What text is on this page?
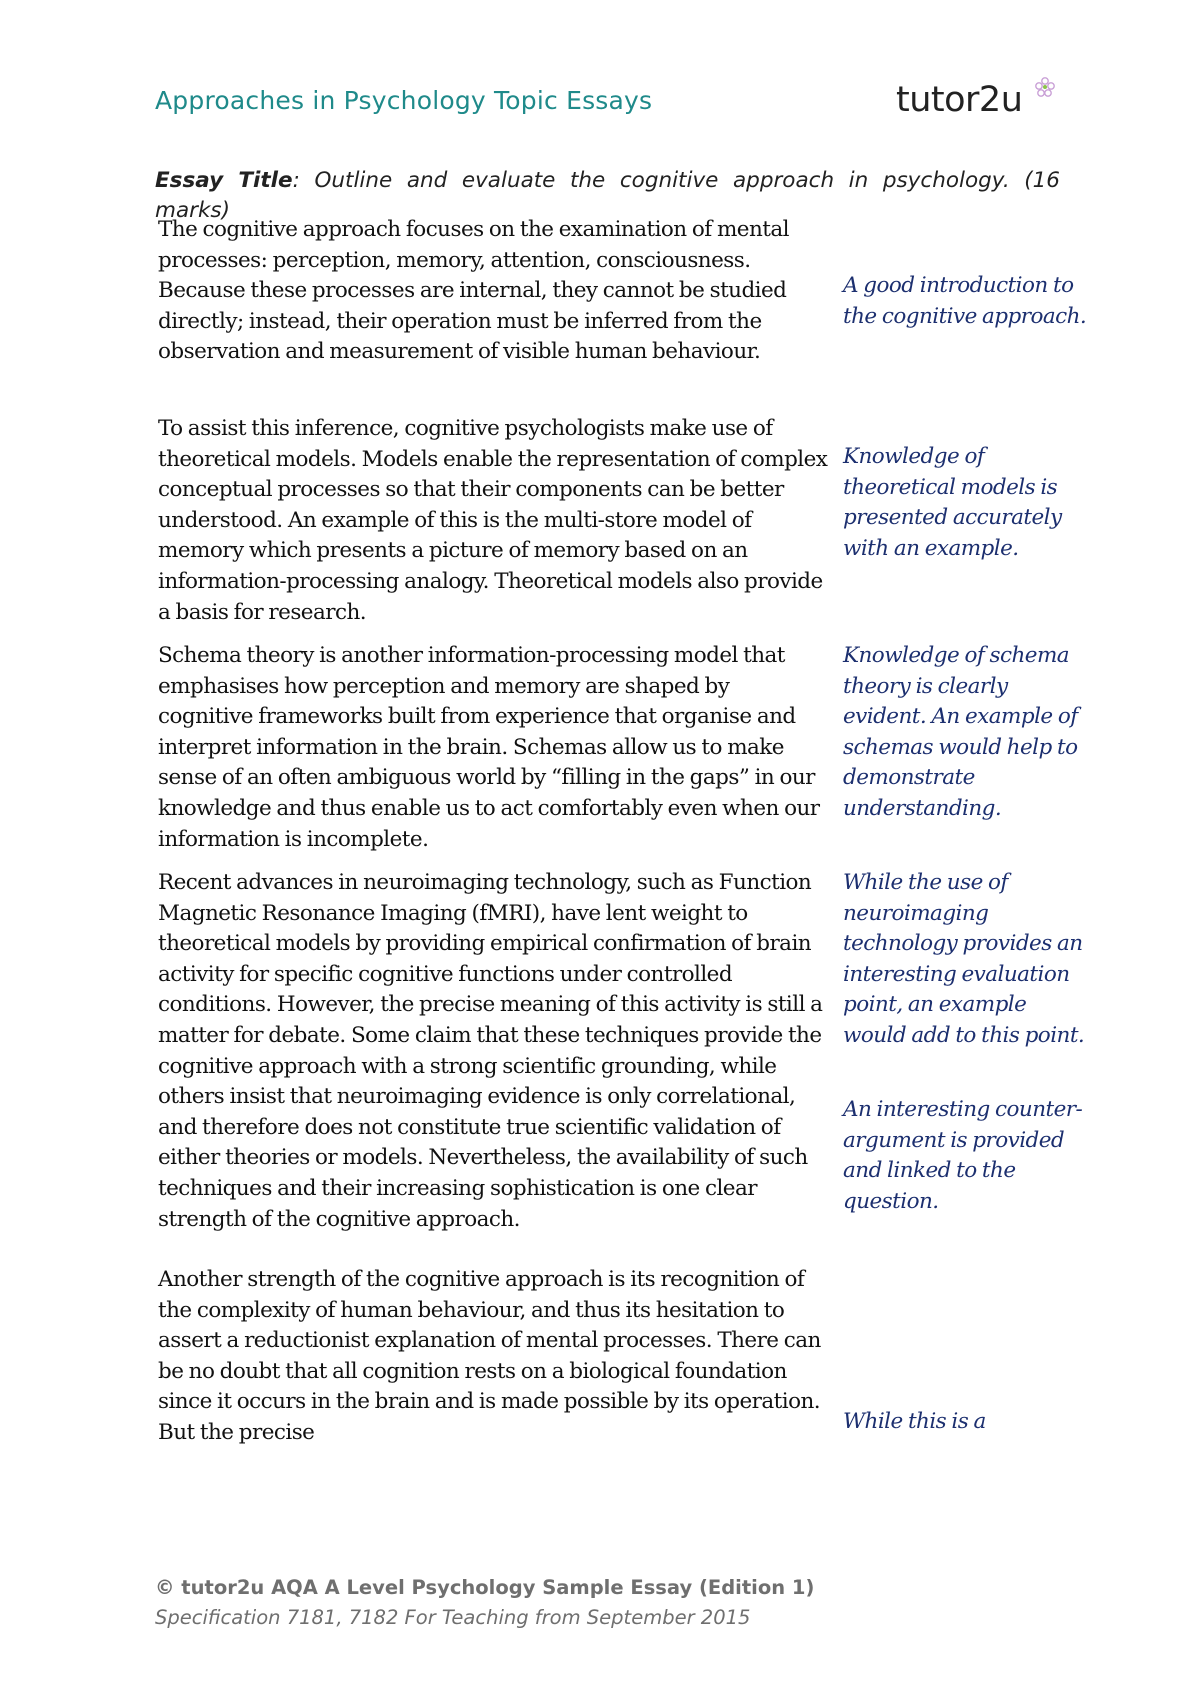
Approaches in Psychology Topic Essays	tutor2u
Essay Title: Outline and evaluate the cognitive approach in psychology. (16 marks)
The cognitive approach focuses on the examination of mental processes: perception, memory, attention, consciousness. Because these processes are internal, they cannot be studied directly; instead, their operation must be inferred from the observation and measurement of visible human behaviour.
To assist this inference, cognitive psychologists make use of theoretical models. Models enable the representation of complex conceptual processes so that their components can be better understood. An example of this is the multi-store model of memory which presents a picture of memory based on an information-processing analogy. Theoretical models also provide a basis for research.
Schema theory is another information-processing model that emphasises how perception and memory are shaped by cognitive frameworks built from experience that organise and interpret information in the brain. Schemas allow us to make sense of an often ambiguous world by “filling in the gaps” in our knowledge and thus enable us to act comfortably even when our information is incomplete.
Recent advances in neuroimaging technology, such as Function Magnetic Resonance Imaging (fMRI), have lent weight to theoretical models by providing empirical confirmation of brain activity for specific cognitive functions under controlled conditions. However, the precise meaning of this activity is still a matter for debate. Some claim that these techniques provide the cognitive approach with a strong scientific grounding, while others insist that neuroimaging evidence is only correlational, and therefore does not constitute true scientific validation of either theories or models. Nevertheless, the availability of such techniques and their increasing sophistication is one clear strength of the cognitive approach.
Another strength of the cognitive approach is its recognition of the complexity of human behaviour, and thus its hesitation to assert a reductionist explanation of mental processes. There can be no doubt that all cognition rests on a biological foundation since it occurs in the brain and is made possible by its operation. But the precise
A good introduction to the cognitive approach.
Knowledge of theoretical models is presented accurately with an example.
Knowledge of schema theory is clearly evident. An example of schemas would help to demonstrate understanding.
While the use of neuroimaging technology provides an interesting evaluation point, an example would add to this point.
An interesting counter-argument is provided and linked to the question.
While this is a
© tutor2u AQA A Level Psychology Sample Essay (Edition 1)
Specification 7181, 7182 For Teaching from September 2015
